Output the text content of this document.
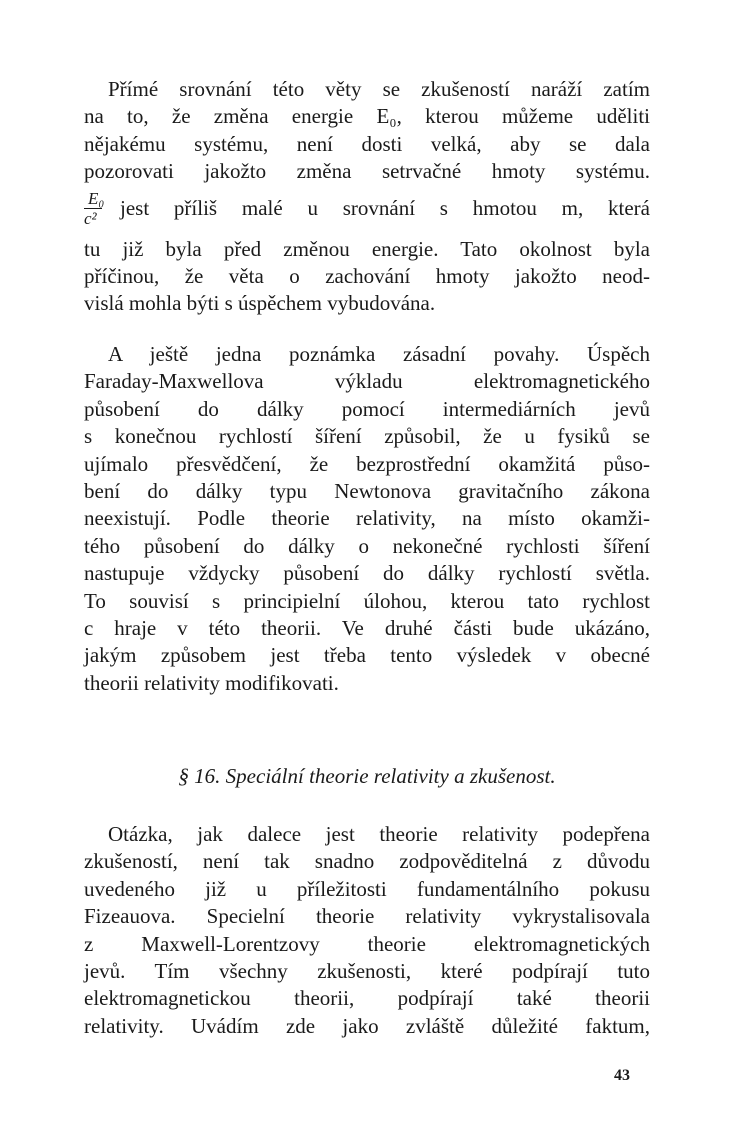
Přímé srovnání této věty se zkušeností naráží zatím
na to, že změna energie E₀, kterou můžeme uděliti
nějakému systému, není dosti velká, aby se dala
pozorovati jakožto změna setrvačné hmoty systému.
E₀
c²	jest příliš malé u srovnání s hmotou m, která
tu již byla před změnou energie. Tato okolnost byla
příčinou, že věta o zachování hmoty jakožto neod-
vislá mohla býti s úspěchem vybudována.
A ještě jedna poznámka zásadní povahy. Úspěch
Faraday-Maxwellova výkladu elektromagnetického
působení do dálky pomocí intermediárních jevů
s konečnou rychlostí šíření způsobil, že u fysiků se
ujímalo přesvědčení, že bezprostřední okamžitá půso-
bení do dálky typu Newtonova gravitačního zákona
neexistují. Podle theorie relativity, na místo okamži-
tého působení do dálky o nekonečné rychlosti šíření
nastupuje vždycky působení do dálky rychlostí světla.
To souvisí s principielní úlohou, kterou tato rychlost
c hraje v této theorii. Ve druhé části bude ukázáno,
jakým způsobem jest třeba tento výsledek v obecné
theorii relativity modifikovati.
§ 16. Speciální theorie relativity a zkušenost.
Otázka, jak dalece jest theorie relativity podepřena
zkušeností, není tak snadno zodpověditelná z důvodu
uvedeného již u příležitosti fundamentálního pokusu
Fizeauova. Specielní theorie relativity vykrystalisovala
z Maxwell-Lorentzovy theorie elektromagnetických
jevů. Tím všechny zkušenosti, které podpírají tuto
elektromagnetickou theorii, podpírají také theorii
relativity. Uvádím zde jako zvláště důležité faktum,
43
